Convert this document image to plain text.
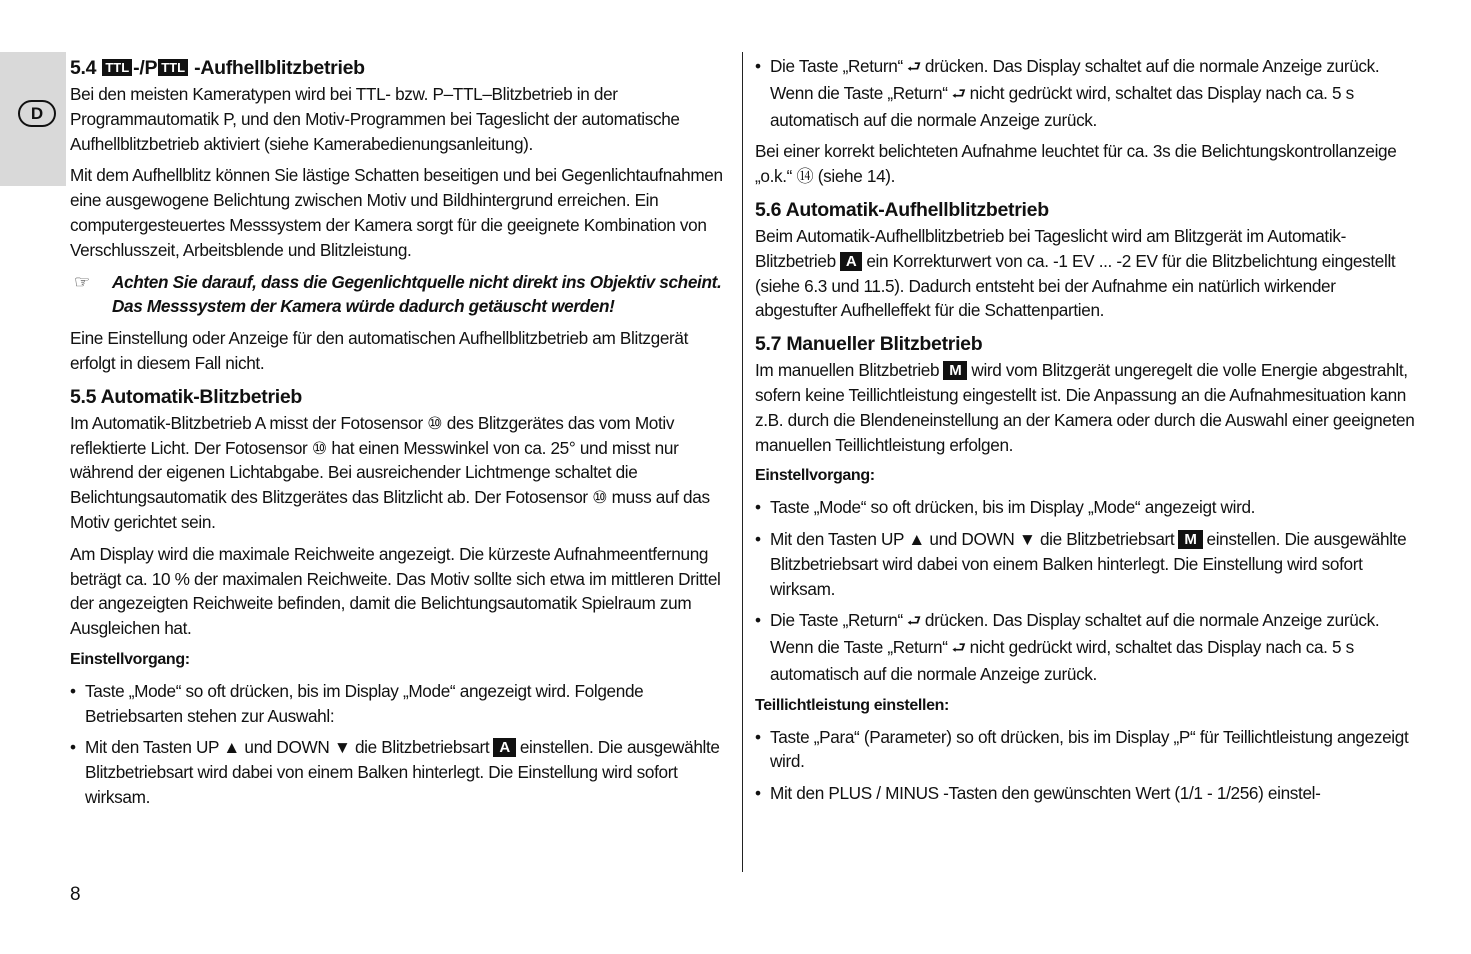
D
5.4 TTL -/P TTL -Aufhellblitzbetrieb

Bei den meisten Kameratypen wird bei TTL- bzw. P–TTL–Blitzbetrieb in der Programmautomatik P, und den Motiv-Programmen bei Tageslicht der automatische Aufhellblitzbetrieb aktiviert (siehe Kamerabedienungsanleitung).

Mit dem Aufhellblitz können Sie lästige Schatten beseitigen und bei Gegenlichtaufnahmen eine ausgewogene Belichtung zwischen Motiv und Bildhintergrund erreichen. Ein computergesteuertes Messsystem der Kamera sorgt für die geeignete Kombination von Verschlusszeit, Arbeitsblende und Blitzleistung.

☞ Achten Sie darauf, dass die Gegenlichtquelle nicht direkt ins Objektiv scheint. Das Messsystem der Kamera würde dadurch getäuscht werden!

Eine Einstellung oder Anzeige für den automatischen Aufhellblitzbetrieb am Blitzgerät erfolgt in diesem Fall nicht.

5.5 Automatik-Blitzbetrieb

Im Automatik-Blitzbetrieb A misst der Fotosensor ⑩ des Blitzgerätes das vom Motiv reflektierte Licht. Der Fotosensor ⑩ hat einen Messwinkel von ca. 25° und misst nur während der eigenen Lichtabgabe. Bei ausreichender Lichtmenge schaltet die Belichtungsautomatik des Blitzgerätes das Blitzlicht ab. Der Fotosensor ⑩ muss auf das Motiv gerichtet sein.

Am Display wird die maximale Reichweite angezeigt. Die kürzeste Aufnahmeentfernung beträgt ca. 10 % der maximalen Reichweite. Das Motiv sollte sich etwa im mittleren Drittel der angezeigten Reichweite befinden, damit die Belichtungsautomatik Spielraum zum Ausgleichen hat.

Einstellvorgang:
• Taste „Mode“ so oft drücken, bis im Display „Mode“ angezeigt wird. Folgende Betriebsarten stehen zur Auswahl:
• Mit den Tasten UP ▲ und DOWN ▼ die Blitzbetriebsart A einstellen. Die ausgewählte Blitzbetriebsart wird dabei von einem Balken hinterlegt. Die Einstellung wird sofort wirksam.
• Die Taste „Return“ ⮐ drücken. Das Display schaltet auf die normale Anzeige zurück. Wenn die Taste „Return“ ⮐ nicht gedrückt wird, schaltet das Display nach ca. 5 s automatisch auf die normale Anzeige zurück.

Bei einer korrekt belichteten Aufnahme leuchtet für ca. 3s die Belichtungskontrollanzeige „o.k.“ ⑭ (siehe 14).

5.6 Automatik-Aufhellblitzbetrieb

Beim Automatik-Aufhellblitzbetrieb bei Tageslicht wird am Blitzgerät im Automatik-Blitzbetrieb A ein Korrekturwert von ca. -1 EV ... -2 EV für die Blitzbelichtung eingestellt (siehe 6.3 und 11.5). Dadurch entsteht bei der Aufnahme ein natürlich wirkender abgestufter Aufhelleffekt für die Schattenpartien.

5.7 Manueller Blitzbetrieb

Im manuellen Blitzbetrieb M wird vom Blitzgerät ungeregelt die volle Energie abgestrahlt, sofern keine Teillichtleistung eingestellt ist. Die Anpassung an die Aufnahmesituation kann z.B. durch die Blendeneinstellung an der Kamera oder durch die Auswahl einer geeigneten manuellen Teillichtleistung erfolgen.

Einstellvorgang:
• Taste „Mode“ so oft drücken, bis im Display „Mode“ angezeigt wird.
• Mit den Tasten UP ▲ und DOWN ▼ die Blitzbetriebsart M einstellen. Die ausgewählte Blitzbetriebsart wird dabei von einem Balken hinterlegt. Die Einstellung wird sofort wirksam.
• Die Taste „Return“ ⮐ drücken. Das Display schaltet auf die normale Anzeige zurück. Wenn die Taste „Return“ ⮐ nicht gedrückt wird, schaltet das Display nach ca. 5 s automatisch auf die normale Anzeige zurück.
Teillichtleistung einstellen:
• Taste „Para“ (Parameter) so oft drücken, bis im Display „P“ für Teillichtleistung angezeigt wird.
• Mit den PLUS / MINUS -Tasten den gewünschten Wert (1/1 - 1/256) einstel-
8
